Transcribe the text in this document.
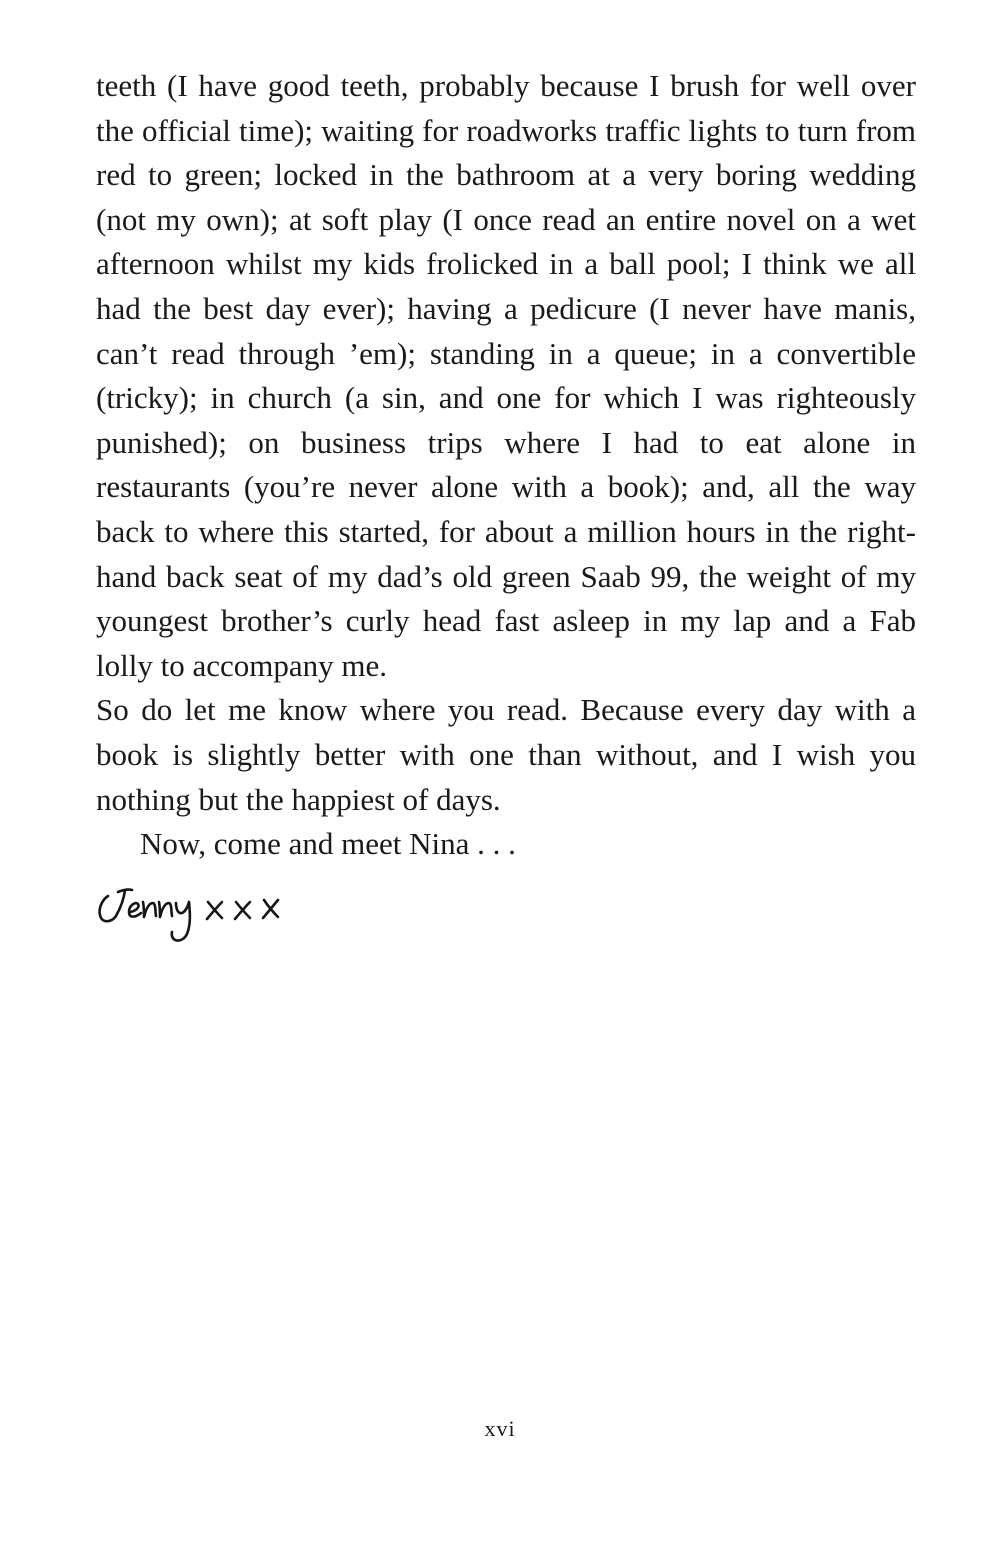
teeth (I have good teeth, probably because I brush for well over the official time); waiting for roadworks traffic lights to turn from red to green; locked in the bathroom at a very boring wedding (not my own); at soft play (I once read an entire novel on a wet afternoon whilst my kids frolicked in a ball pool; I think we all had the best day ever); having a pedicure (I never have manis, can’t read through ’em); standing in a queue; in a convertible (tricky); in church (a sin, and one for which I was righteously punished); on business trips where I had to eat alone in restaurants (you’re never alone with a book); and, all the way back to where this started, for about a million hours in the right-hand back seat of my dad’s old green Saab 99, the weight of my youngest brother’s curly head fast asleep in my lap and a Fab lolly to accompany me.

So do let me know where you read. Because every day with a book is slightly better with one than without, and I wish you nothing but the happiest of days.

Now, come and meet Nina . . .

xvi
